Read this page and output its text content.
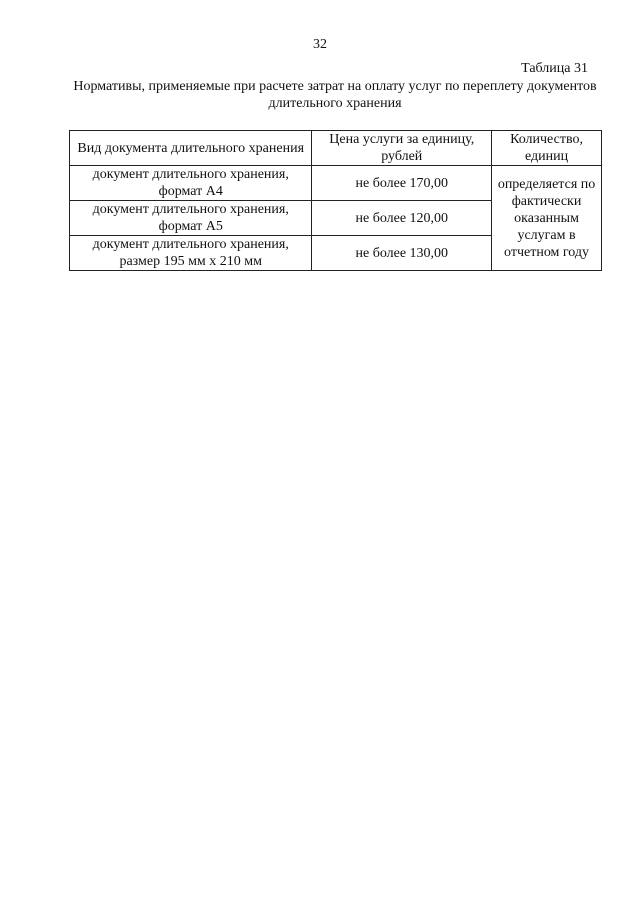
32
Таблица 31
Нормативы, применяемые при расчете затрат на оплату услуг по переплету документов длительного хранения
Вид документа длительного хранения	Цена услуги за единицу, рублей	Количество, единиц
документ длительного хранения, формат А4	не более 170,00	определяется по фактически оказанным услугам в отчетном году
документ длительного хранения, формат А5	не более 120,00	
документ длительного хранения, размер 195 мм х 210 мм	не более 130,00	
